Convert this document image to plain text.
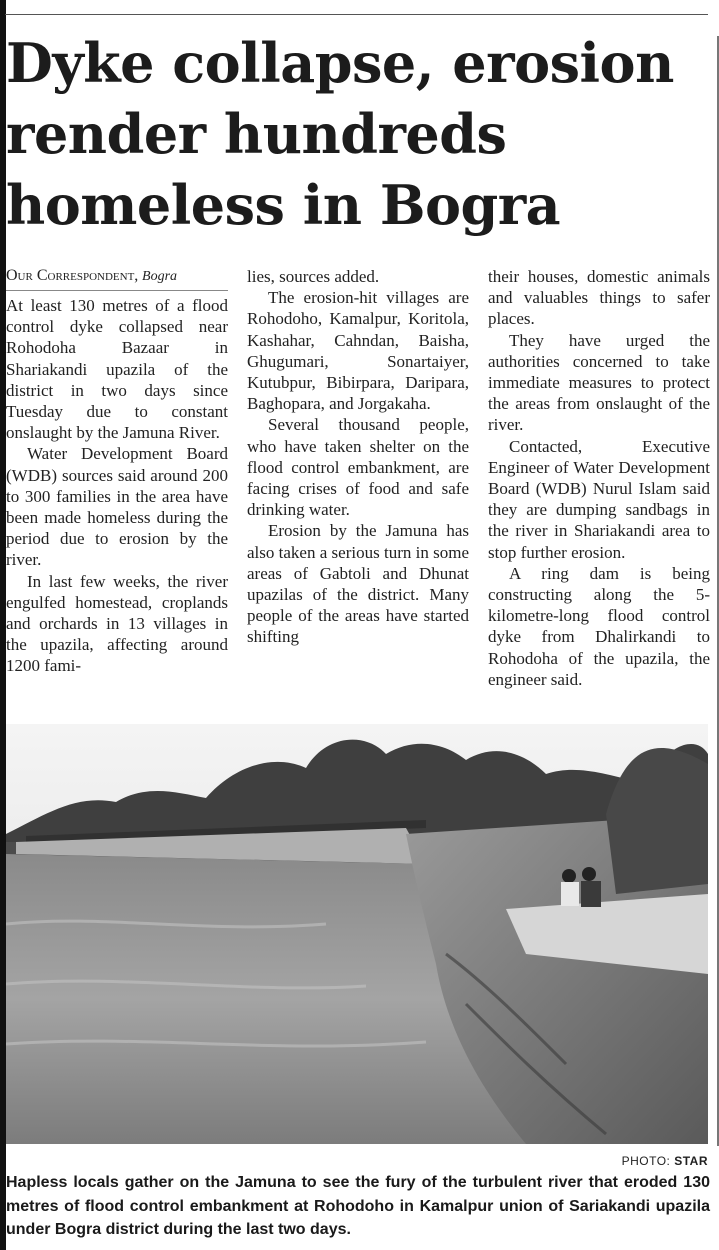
Dyke collapse, erosion render hundreds homeless in Bogra
Our Correspondent, Bogra

At least 130 metres of a flood control dyke collapsed near Rohodoha Bazaar in Shariakandi upazila of the district in two days since Tuesday due to constant onslaught by the Jamuna River.

Water Development Board (WDB) sources said around 200 to 300 families in the area have been made homeless during the period due to erosion by the river.

In last few weeks, the river engulfed homestead, croplands and orchards in 13 villages in the upazila, affecting around 1200 fami-

lies, sources added.

The erosion-hit villages are Rohodoho, Kamalpur, Koritola, Kashahar, Cahndan, Baisha, Ghugumari, Sonartaiyer, Kutubpur, Bibirpara, Daripara, Baghopara, and Jorgakaha.

Several thousand people, who have taken shelter on the flood control embankment, are facing crises of food and safe drinking water.

Erosion by the Jamuna has also taken a serious turn in some areas of Gabtoli and Dhunat upazilas of the district. Many people of the areas have started shifting

their houses, domestic animals and valuables things to safer places.

They have urged the authorities concerned to take immediate measures to protect the areas from onslaught of the river.

Contacted, Executive Engineer of Water Development Board (WDB) Nurul Islam said they are dumping sandbags in the river in Shariakandi area to stop further erosion.

A ring dam is being constructing along the 5-kilometre-long flood control dyke from Dhalirkandi to Rohodoha of the upazila, the engineer said.

PHOTO: STAR

Hapless locals gather on the Jamuna to see the fury of the turbulent river that eroded 130 metres of flood control embankment at Rohodoho in Kamalpur union of Sariakandi upazila under Bogra district during the last two days.
